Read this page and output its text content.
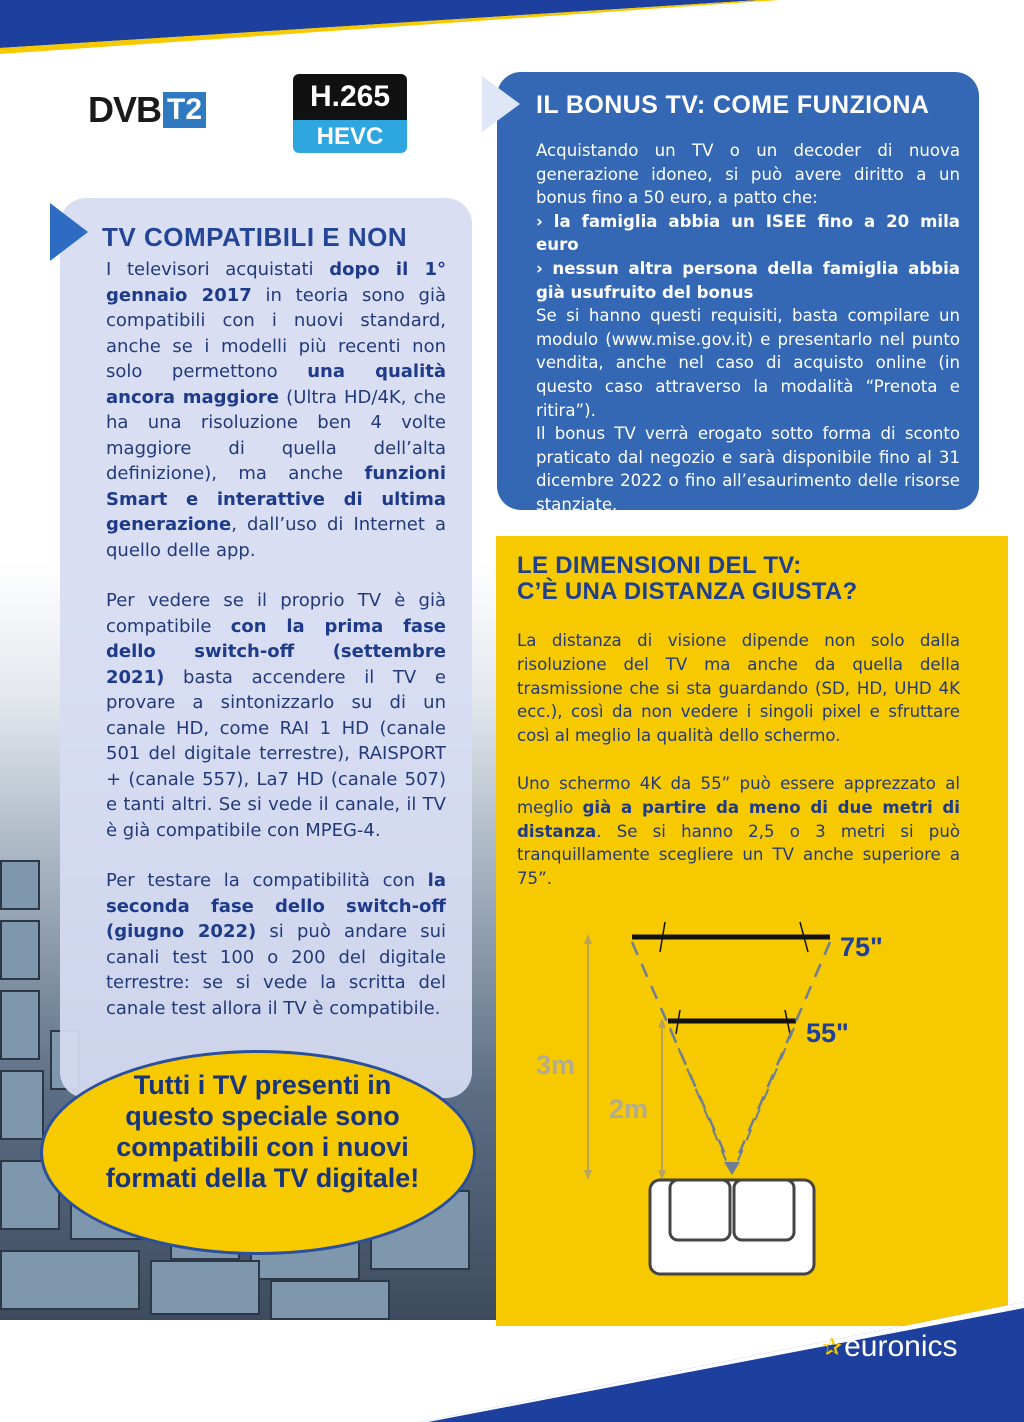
DVB T2	H.265
HEVC
TV COMPATIBILI E NON

I televisori acquistati dopo il 1° gennaio 2017 in teoria sono già compatibili con i nuovi standard, anche se i modelli più recenti non solo permettono una qualità ancora maggiore (Ultra HD/4K, che ha una risoluzione ben 4 volte maggiore di quella dell’alta definizione), ma anche funzioni Smart e interattive di ultima generazione, dall’uso di Internet a quello delle app.

Per vedere se il proprio TV è già compatibile con la prima fase dello switch-off (settembre 2021) basta accendere il TV e provare a sintonizzarlo su di un canale HD, come RAI 1 HD (canale 501 del digitale terrestre), RAISPORT + (canale 557), La7 HD (canale 507) e tanti altri. Se si vede il canale, il TV è già compatibile con MPEG-4.

Per testare la compatibilità con la seconda fase dello switch-off (giugno 2022) si può andare sui canali test 100 o 200 del digitale terrestre: se si vede la scritta del canale test allora il TV è compatibile.

Tutti i TV presenti in questo speciale sono compatibili con i nuovi formati della TV digitale!
IL BONUS TV: COME FUNZIONA
Acquistando un TV o un decoder di nuova generazione idoneo, si può avere diritto a un bonus fino a 50 euro, a patto che:
› la famiglia abbia un ISEE fino a 20 mila euro
› nessun altra persona della famiglia abbia già usufruito del bonus
Se si hanno questi requisiti, basta compilare un modulo (www.mise.gov.it) e presentarlo nel punto vendita, anche nel caso di acquisto online (in questo caso attraverso la modalità “Prenota e ritira”).
Il bonus TV verrà erogato sotto forma di sconto praticato dal negozio e sarà disponibile fino al 31 dicembre 2022 o fino all’esaurimento delle risorse stanziate.
LE DIMENSIONI DEL TV:
C’È UNA DISTANZA GIUSTA?

La distanza di visione dipende non solo dalla risoluzione del TV ma anche da quella della trasmissione che si sta guardando (SD, HD, UHD 4K ecc.), così da non vedere i singoli pixel e sfruttare così al meglio la qualità dello schermo.

Uno schermo 4K da 55” può essere apprezzato al meglio già a partire da meno di due metri di distanza. Se si hanno 2,5 o 3 metri si può tranquillamente scegliere un TV anche superiore a 75”.

75"
55"
3m
2m
✰ euronics
